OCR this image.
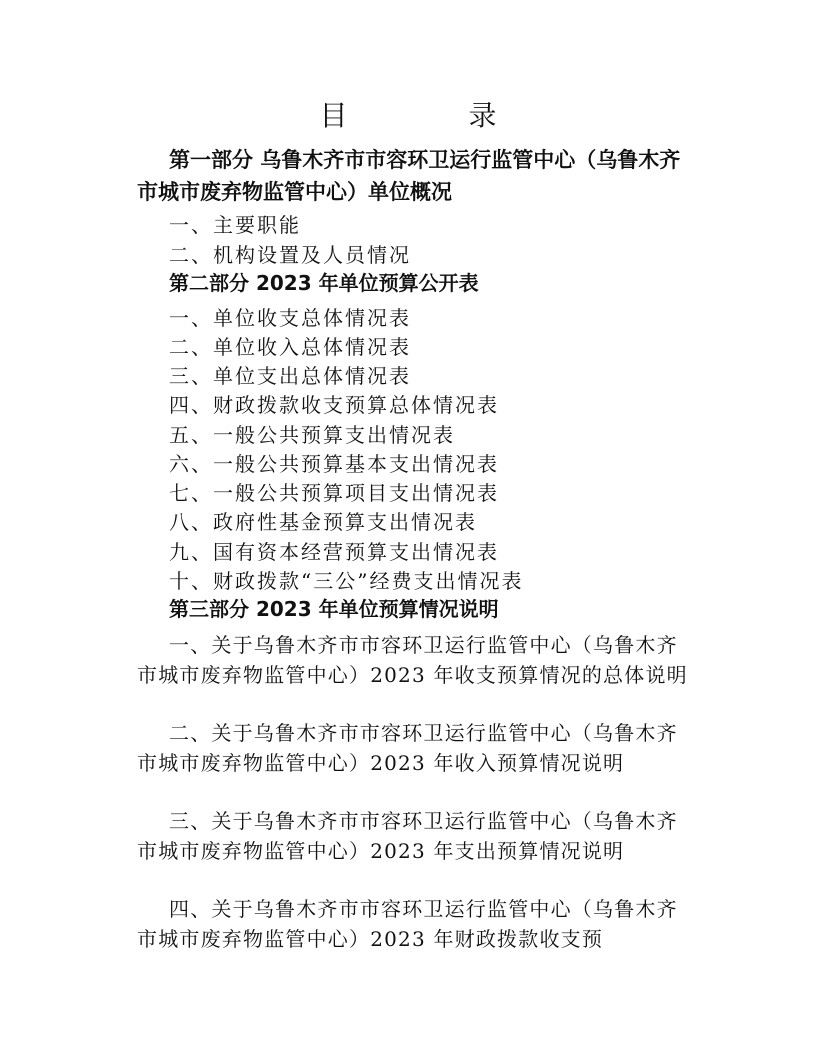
目 录
第一部分 乌鲁木齐市市容环卫运行监管中心（乌鲁木齐市城市废弃物监管中心）单位概况
一、主要职能
二、机构设置及人员情况
第二部分 2023 年单位预算公开表
一、单位收支总体情况表
二、单位收入总体情况表
三、单位支出总体情况表
四、财政拨款收支预算总体情况表
五、一般公共预算支出情况表
六、一般公共预算基本支出情况表
七、一般公共预算项目支出情况表
八、政府性基金预算支出情况表
九、国有资本经营预算支出情况表
十、财政拨款“三公”经费支出情况表
第三部分 2023 年单位预算情况说明
一、关于乌鲁木齐市市容环卫运行监管中心（乌鲁木齐市城市废弃物监管中心）2023 年收支预算情况的总体说明
二、关于乌鲁木齐市市容环卫运行监管中心（乌鲁木齐市城市废弃物监管中心）2023 年收入预算情况说明
三、关于乌鲁木齐市市容环卫运行监管中心（乌鲁木齐市城市废弃物监管中心）2023 年支出预算情况说明
四、关于乌鲁木齐市市容环卫运行监管中心（乌鲁木齐市城市废弃物监管中心）2023 年财政拨款收支预
